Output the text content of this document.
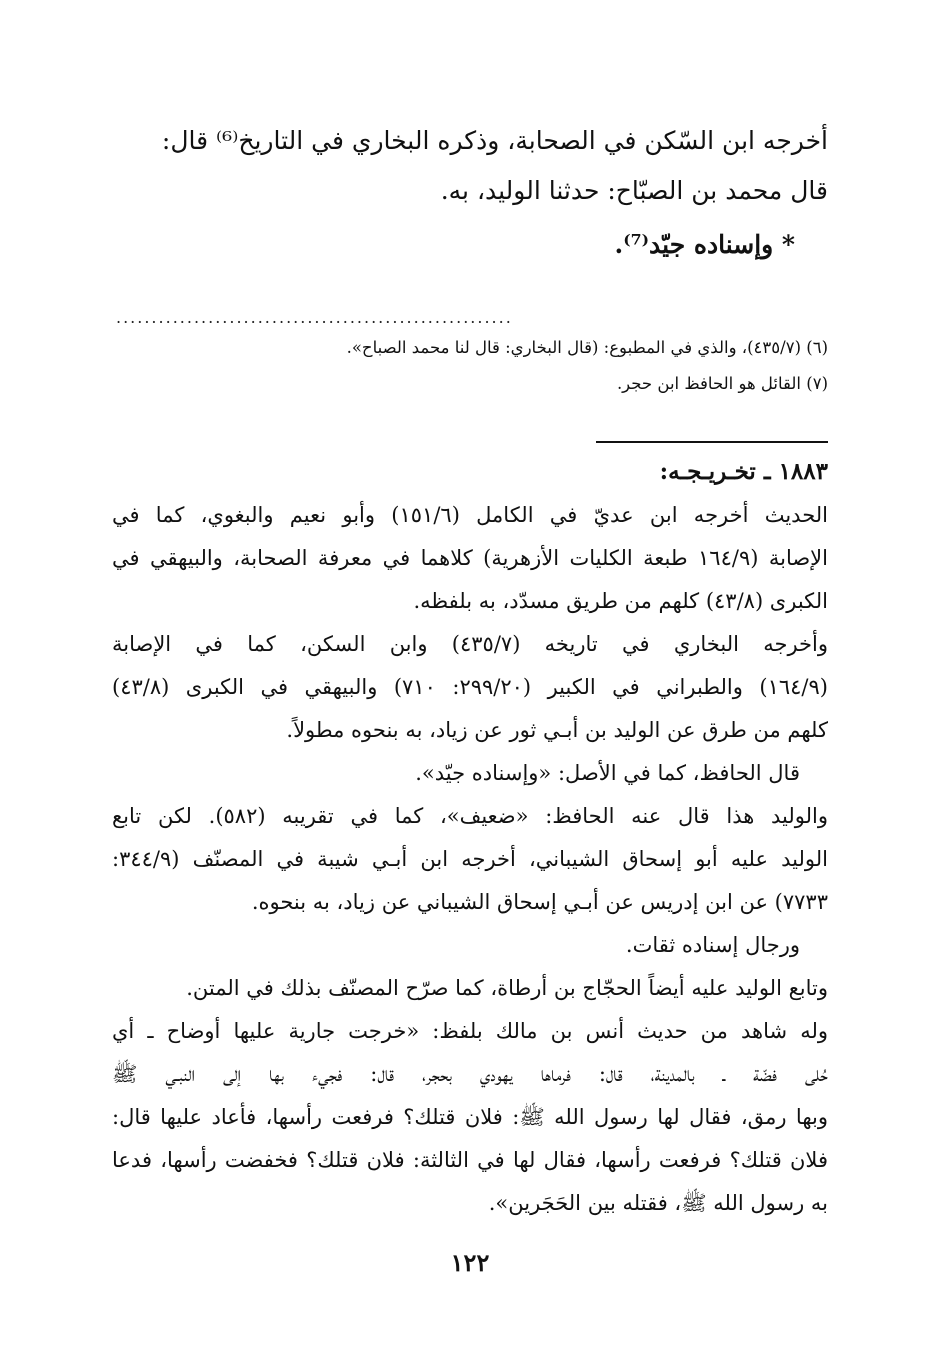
أخرجه ابن السّكن في الصحابة، وذكره البخاري في التاريخ⁽⁶⁾ قال:
قال محمد بن الصبّاح: حدثنا الوليد، به.
* وإسناده جيّد⁽⁷⁾.
........................................................
(٦) (٤٣٥/٧)، والذي في المطبوع: (قال البخاري: قال لنا محمد الصباح».
(٧) القائل هو الحافظ ابن حجر.
١٨٨٣ ـ تخـريـجـه:
الحديث أخرجه ابن عديّ في الكامل (١٥١/٦) وأبو نعيم والبغوي، كما في
الإصابة (١٦٤/٩ طبعة الكليات الأزهرية) كلاهما في معرفة الصحابة، والبيهقي في
الكبرى (٤٣/٨) كلهم من طريق مسدّد، به بلفظه.
وأخرجه البخاري في تاريخه (٤٣٥/٧) وابن السكن، كما في الإصابة
(١٦٤/٩) والطبراني في الكبير (٢٩٩/٢٠: ٧١٠) والبيهقي في الكبرى (٤٣/٨)
كلهم من طرق عن الوليد بن أبـي ثور عن زياد، به بنحوه مطولاً.
قال الحافظ، كما في الأصل: «وإسناده جيّد».
والوليد هذا قال عنه الحافظ: «ضعيف»، كما في تقريبه (٥٨٢). لكن تابع
الوليد عليه أبو إسحاق الشيباني، أخرجه ابن أبـي شيبة في المصنّف (٣٤٤/٩:
٧٧٣٣) عن ابن إدريس عن أبـي إسحاق الشيباني عن زياد، به بنحوه.
ورجال إسناده ثقات.
وتابع الوليد عليه أيضاً الحجّاج بن أرطاة، كما صرّح المصنّف بذلك في المتن.
وله شاهد من حديث أنس بن مالك بلفظ: «خرجت جارية عليها أوضاح ـ أي
حُلى فضّة ـ بالمدينة، قال: فرماها يهودي بحجر، قال: فجيء بها إلى النبـي ﷺ
وبها رمق، فقال لها رسول الله ﷺ: فلان قتلك؟ فرفعت رأسها، فأعاد عليها قال:
فلان قتلك؟ فرفعت رأسها، فقال لها في الثالثة: فلان قتلك؟ فخفضت رأسها، فدعا
به رسول الله ﷺ، فقتله بين الحَجَرين».
١٢٢
